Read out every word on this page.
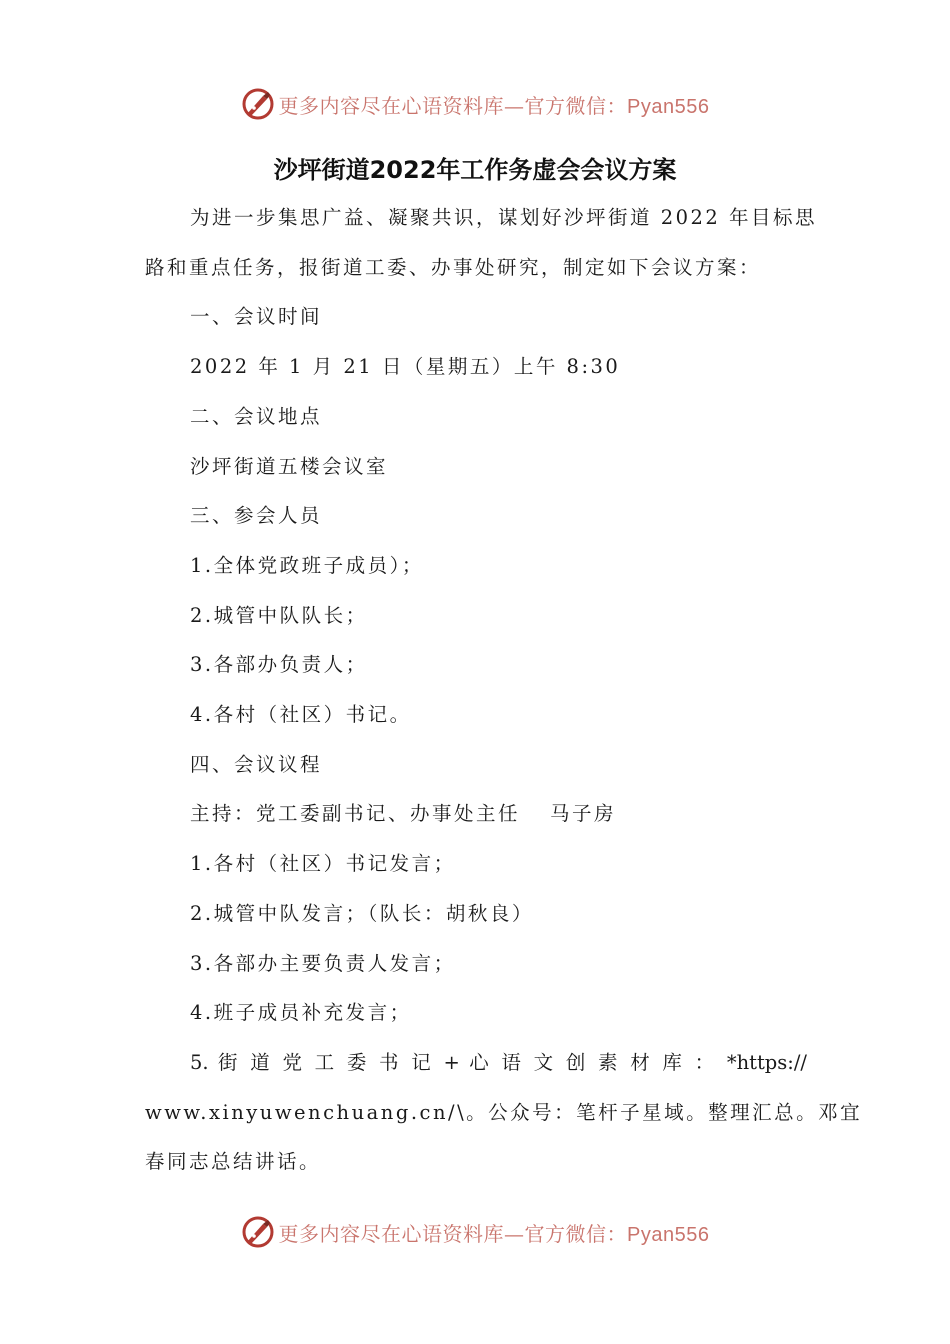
更多内容尽在心语资料库—官方微信：Pyan556
沙坪街道2022年工作务虚会会议方案

为进一步集思广益、凝聚共识，谋划好沙坪街道 2022 年目标思

路和重点任务，报街道工委、办事处研究，制定如下会议方案：

一、会议时间

2022 年 1 月 21 日（星期五）上午 8:30

二、会议地点

沙坪街道五楼会议室

三、参会人员

1.全体党政班子成员）；

2.城管中队队长；

3.各部办负责人；

4.各村（社区）书记。

四、会议议程

主持：党工委副书记、办事处主任 马子房

1.各村（社区）书记发言；

2.城管中队发言；（队长：胡秋良）

3.各部办主要负责人发言；

4.班子成员补充发言；

5. 街 道 党 工 委 书 记 + 心 语 文 创 素 材 库 ： *https://

www.xinyuwenchuang.cn/\。公众号：笔杆子星域。整理汇总。邓宜

春同志总结讲话。

更多内容尽在心语资料库—官方微信：Pyan556
